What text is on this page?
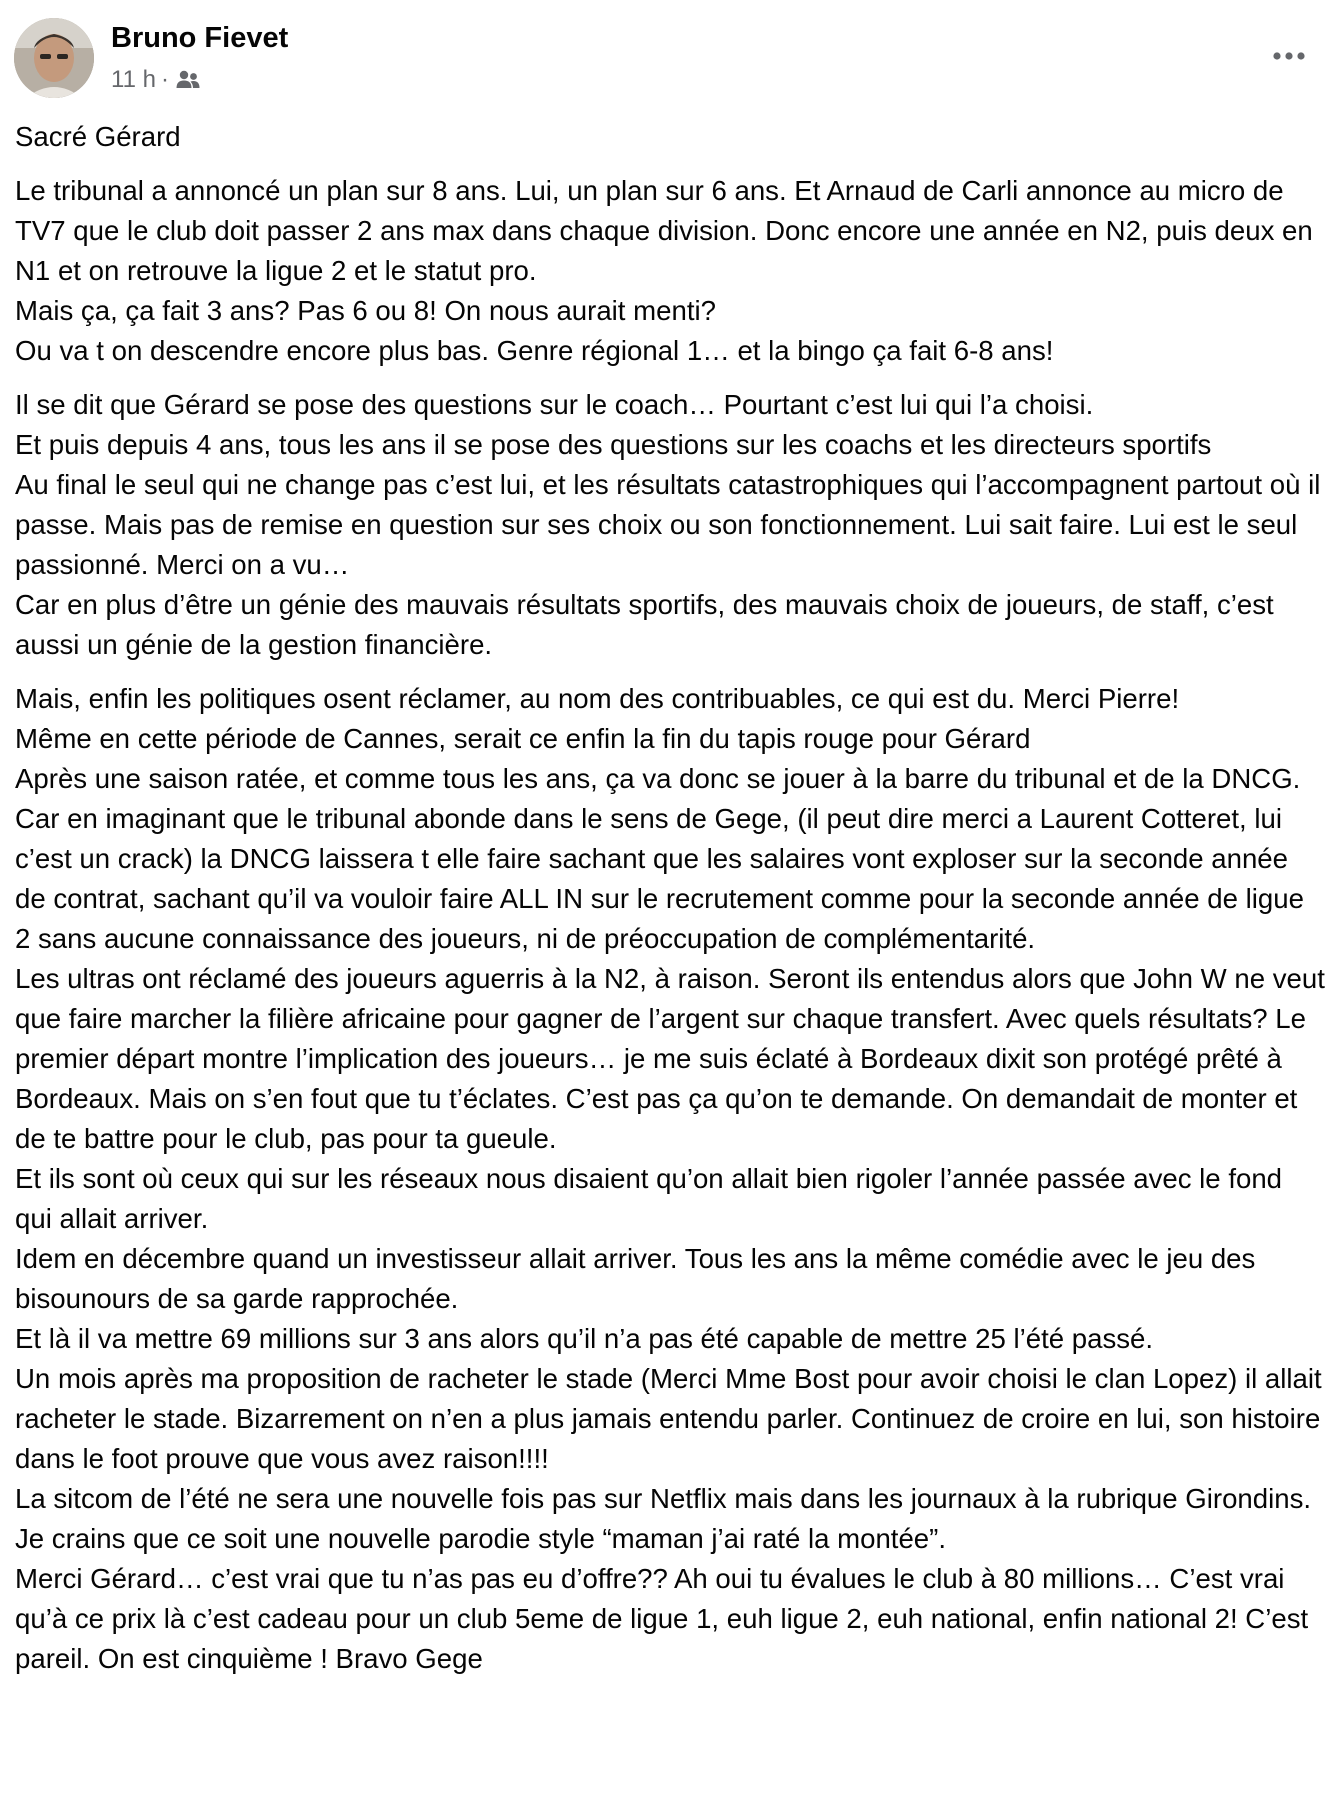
Bruno Fievet
11 h ·

Sacré Gérard

Le tribunal a annoncé un plan sur 8 ans. Lui, un plan sur 6 ans. Et Arnaud de Carli annonce au micro de TV7 que le club doit passer 2 ans max dans chaque division. Donc encore une année en N2, puis deux en N1 et on retrouve la ligue 2 et le statut pro.
Mais ça, ça fait 3 ans? Pas 6 ou 8! On nous aurait menti?
Ou va t on descendre encore plus bas. Genre régional 1… et la bingo ça fait 6-8 ans!

Il se dit que Gérard se pose des questions sur le coach… Pourtant c’est lui qui l’a choisi.
Et puis depuis 4 ans, tous les ans il se pose des questions sur les coachs et les directeurs sportifs
Au final le seul qui ne change pas c’est lui, et les résultats catastrophiques qui l’accompagnent partout où il passe. Mais pas de remise en question sur ses choix ou son fonctionnement. Lui sait faire. Lui est le seul passionné. Merci on a vu…
Car en plus d’être un génie des mauvais résultats sportifs, des mauvais choix de joueurs, de staff, c’est aussi un génie de la gestion financière.

Mais, enfin les politiques osent réclamer, au nom des contribuables, ce qui est du. Merci Pierre!
Même en cette période de Cannes, serait ce enfin la fin du tapis rouge pour Gérard
Après une saison ratée, et comme tous les ans, ça va donc se jouer à la barre du tribunal et de la DNCG.
Car en imaginant que le tribunal abonde dans le sens de Gege, (il peut dire merci a Laurent Cotteret, lui c’est un crack) la DNCG laissera t elle faire sachant que les salaires vont exploser sur la seconde année de contrat, sachant qu’il va vouloir faire ALL IN sur le recrutement comme pour la seconde année de ligue 2 sans aucune connaissance des joueurs, ni de préoccupation de complémentarité.
Les ultras ont réclamé des joueurs aguerris à la N2, à raison. Seront ils entendus alors que John W ne veut que faire marcher la filière africaine pour gagner de l’argent sur chaque transfert. Avec quels résultats? Le premier départ montre l’implication des joueurs… je me suis éclaté à Bordeaux dixit son protégé prêté à Bordeaux. Mais on s’en fout que tu t’éclates. C’est pas ça qu’on te demande. On demandait de monter et de te battre pour le club, pas pour ta gueule.
Et ils sont où ceux qui sur les réseaux nous disaient qu’on allait bien rigoler l’année passée avec le fond qui allait arriver.
Idem en décembre quand un investisseur allait arriver. Tous les ans la même comédie avec le jeu des bisounours de sa garde rapprochée.
Et là il va mettre 69 millions sur 3 ans alors qu’il n’a pas été capable de mettre 25 l’été passé.
Un mois après ma proposition de racheter le stade (Merci Mme Bost pour avoir choisi le clan Lopez) il allait racheter le stade. Bizarrement on n’en a plus jamais entendu parler. Continuez de croire en lui, son histoire dans le foot prouve que vous avez raison!!!!
La sitcom de l’été ne sera une nouvelle fois pas sur Netflix mais dans les journaux à la rubrique Girondins. Je crains que ce soit une nouvelle parodie style “maman j’ai raté la montée”.
Merci Gérard… c’est vrai que tu n’as pas eu d’offre?? Ah oui tu évalues le club à 80 millions… C’est vrai qu’à ce prix là c’est cadeau pour un club 5eme de ligue 1, euh ligue 2, euh national, enfin national 2! C’est pareil. On est cinquième ! Bravo Gege
